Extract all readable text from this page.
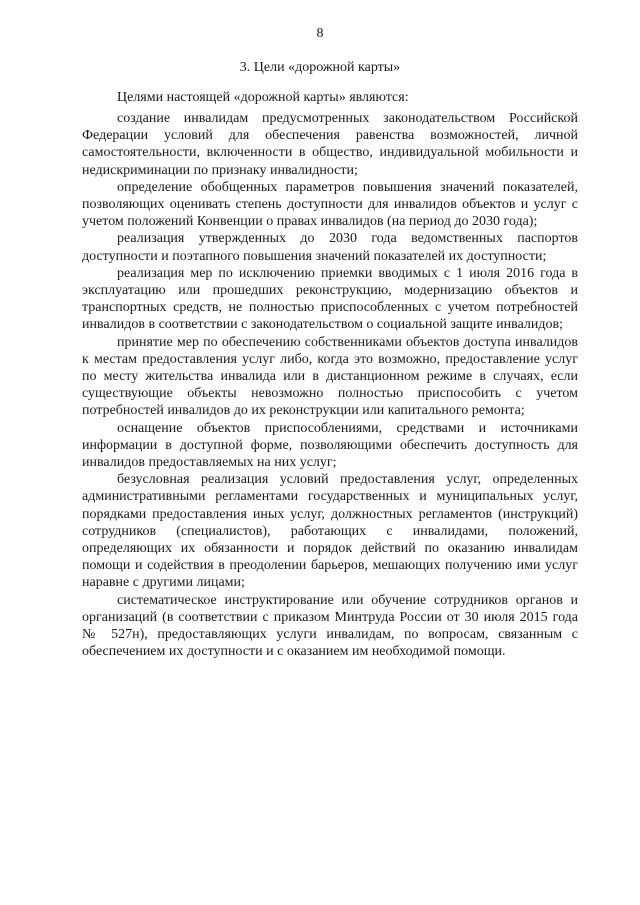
8
3. Цели «дорожной карты»
Целями настоящей «дорожной карты» являются:

создание инвалидам предусмотренных законодательством Российской Федерации условий для обеспечения равенства возможностей, личной самостоятельности, включенности в общество, индивидуальной мобильности и недискриминации по признаку инвалидности;

определение обобщенных параметров повышения значений показателей, позволяющих оценивать степень доступности для инвалидов объектов и услуг с учетом положений Конвенции о правах инвалидов (на период до 2030 года);

реализация утвержденных до 2030 года ведомственных паспортов доступности и поэтапного повышения значений показателей их доступности;

реализация мер по исключению приемки вводимых с 1 июля 2016 года в эксплуатацию или прошедших реконструкцию, модернизацию объектов и транспортных средств, не полностью приспособленных с учетом потребностей инвалидов в соответствии с законодательством о социальной защите инвалидов;

принятие мер по обеспечению собственниками объектов доступа инвалидов к местам предоставления услуг либо, когда это возможно, предоставление услуг по месту жительства инвалида или в дистанционном режиме в случаях, если существующие объекты невозможно полностью приспособить с учетом потребностей инвалидов до их реконструкции или капитального ремонта;

оснащение объектов приспособлениями, средствами и источниками информации в доступной форме, позволяющими обеспечить доступность для инвалидов предоставляемых на них услуг;

безусловная реализация условий предоставления услуг, определенных административными регламентами государственных и муниципальных услуг, порядками предоставления иных услуг, должностных регламентов (инструкций) сотрудников (специалистов), работающих с инвалидами, положений, определяющих их обязанности и порядок действий по оказанию инвалидам помощи и содействия в преодолении барьеров, мешающих получению ими услуг наравне с другими лицами;

систематическое инструктирование или обучение сотрудников органов и организаций (в соответствии с приказом Минтруда России от 30 июля 2015 года № 527н), предоставляющих услуги инвалидам, по вопросам, связанным с обеспечением их доступности и с оказанием им необходимой помощи.
